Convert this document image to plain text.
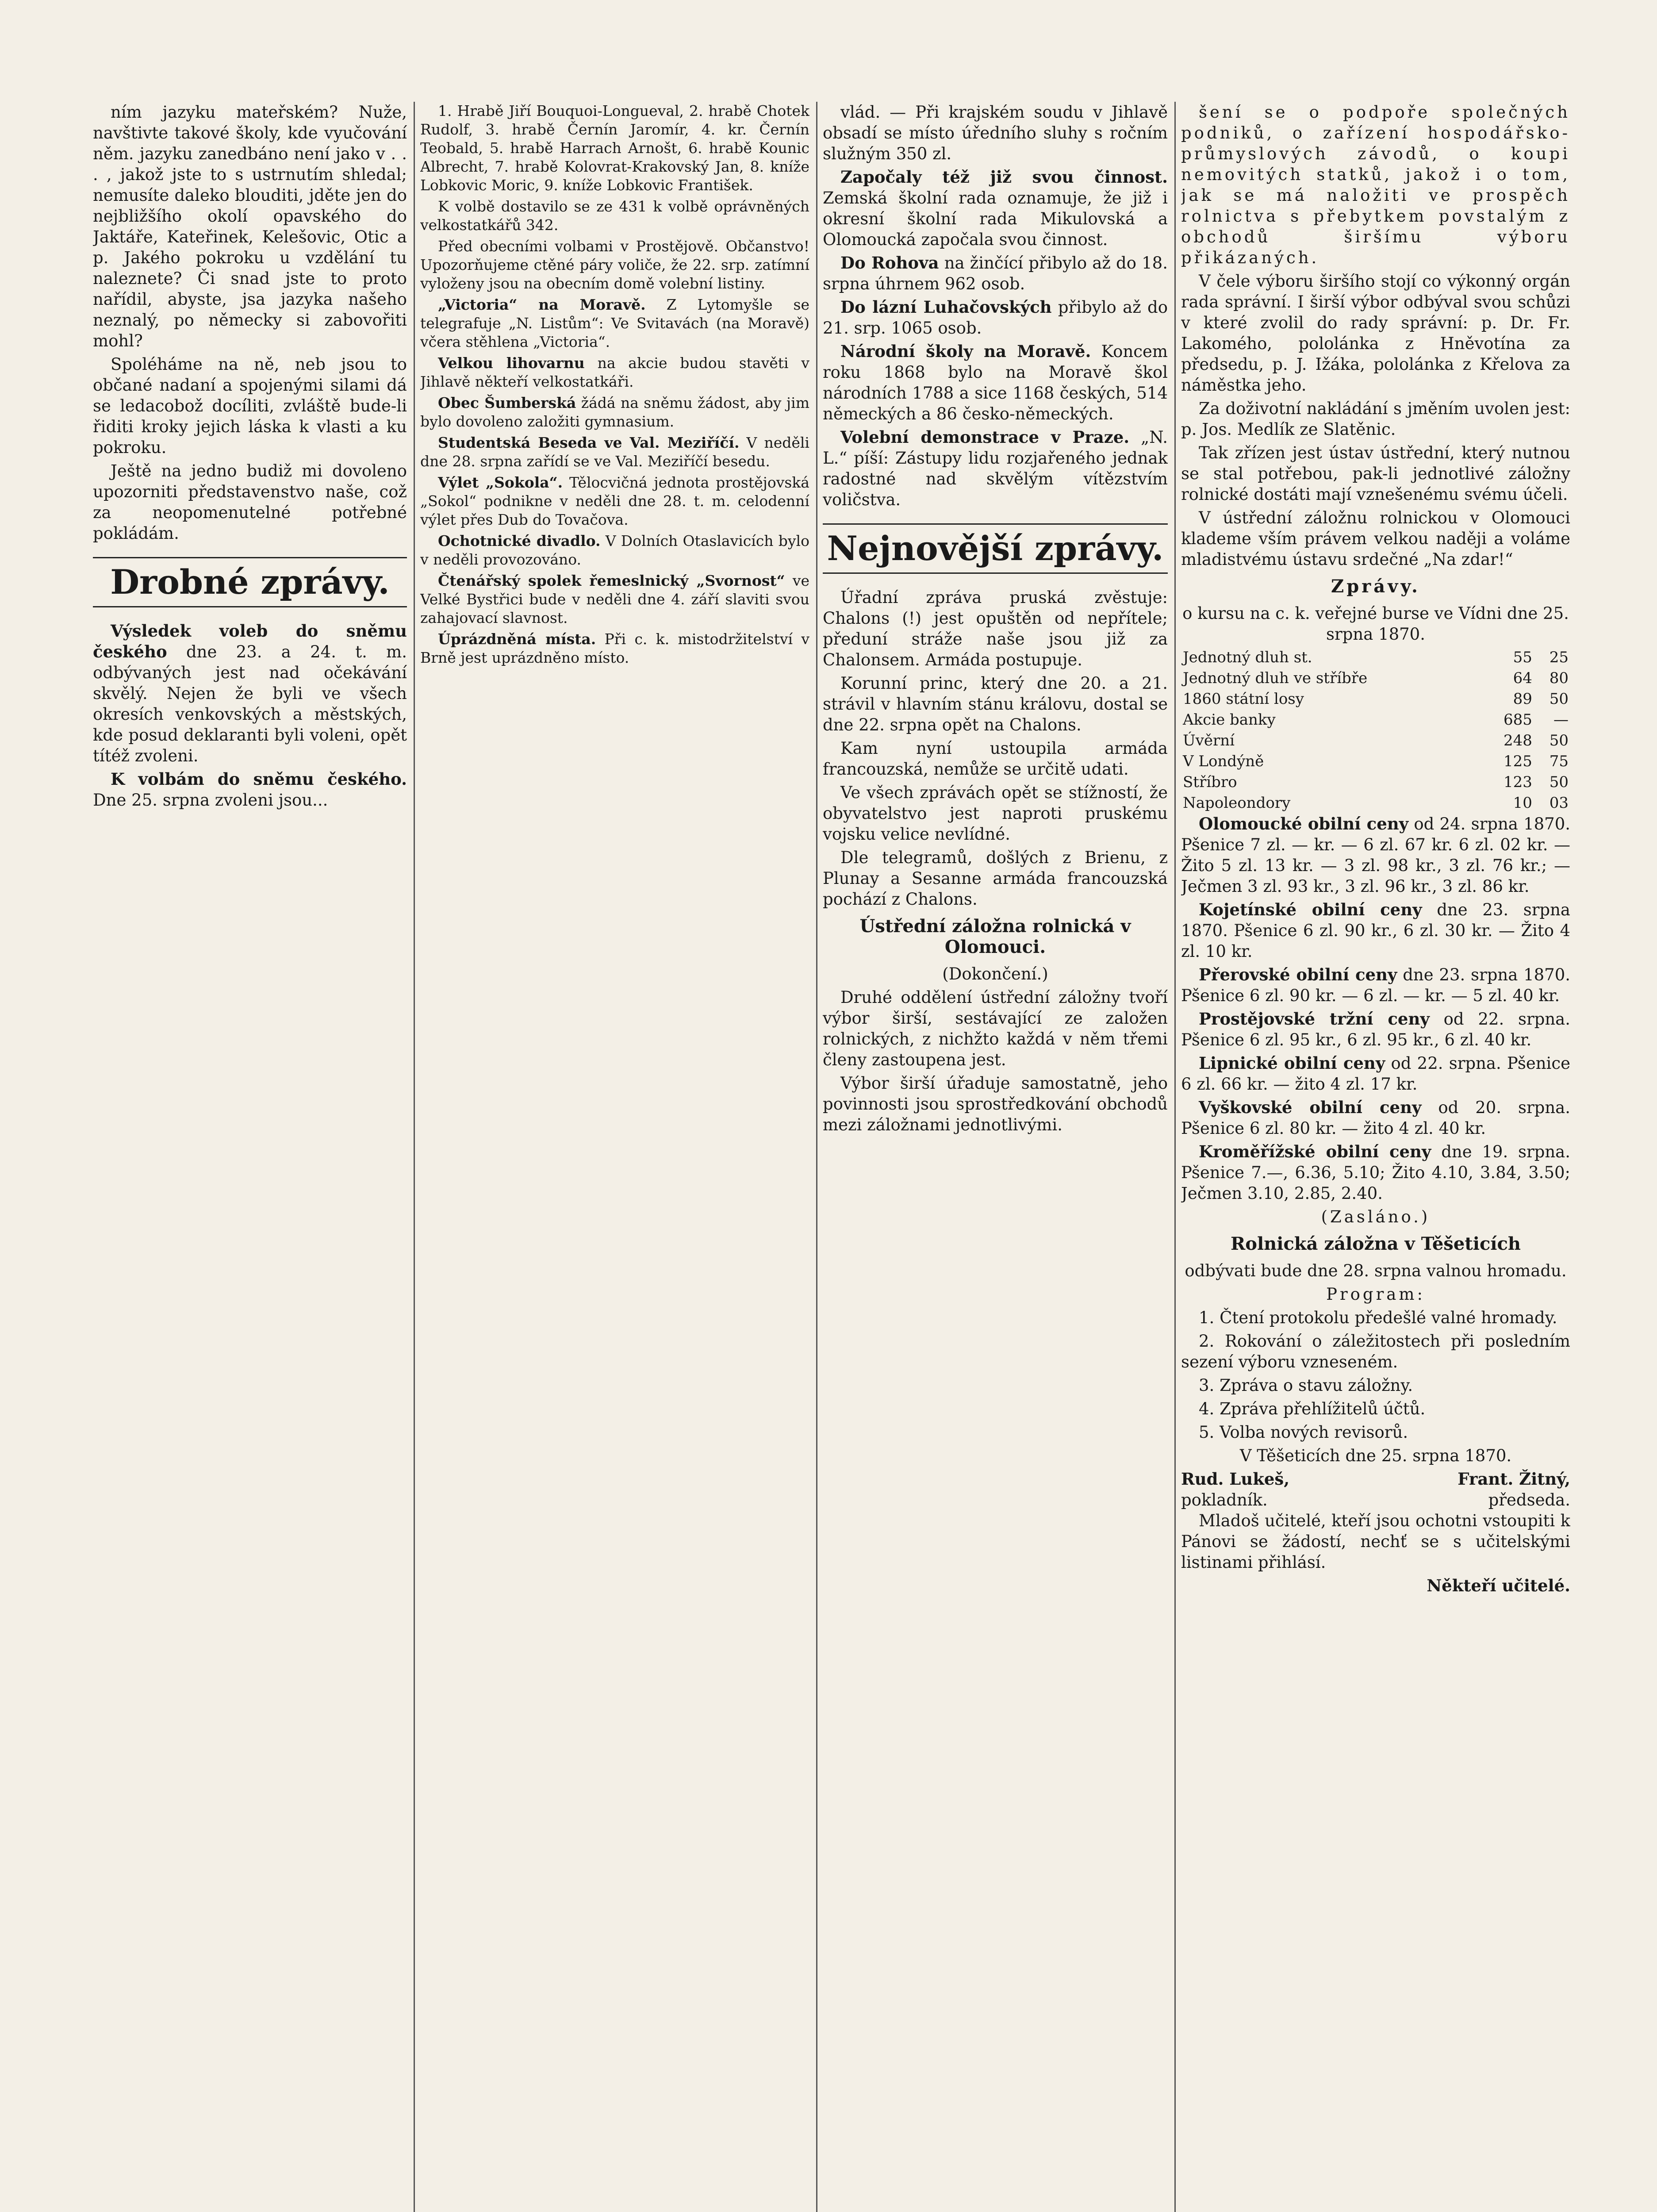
ním jazyku mateřském? Nuže, navštivte takové školy, kde vyučování něm. jazyku zanedbáno není jako v . . . , jakož jste to s ustrnutím shledal; nemusíte daleko blouditi, jděte jen do nejbližšího okolí opavského do Jaktáře, Kateřinek, Kelešovic, Otic a p. Jakého pokroku u vzdělání tu naleznete? Či snad jste to proto nařídil, abyste, jsa jazyka našeho neznalý, po německy si zabovořiti mohl?

Spoléháme na ně, neb jsou to občané nadaní a spojenými silami dá se ledacobož docíliti, zvláště bude-li řiditi kroky jejich láska k vlasti a ku pokroku.

Ještě na jedno budiž mi dovoleno upozorniti představenstvo naše, což za neopomenutelné potřebné pokládám.

Drobné zprávy.

Výsledek voleb do sněmu českého dne 23. a 24. t. m. odbývaných jest nad očekávání skvělý. Nejen že byli ve všech okresích venkovských a městských, kde posud deklaranti byli voleni, opět títéž zvoleni.

K volbám do sněmu českého. Dne 25. srpna zvoleni jsou...

1. Hrabě Jiří Bouquoi-Longueval, 2. hrabě Chotek Rudolf, 3. hrabě Černín Jaromír, 4. kr. Černín Teobald, 5. hrabě Harrach Arnošt, 6. hrabě Kounic Albrecht, 7. hrabě Kolovrat-Krakovský Jan, 8. kníže Lobkovic Moric, 9. kníže Lobkovic František.

K volbě dostavilo se ze 431 k volbě oprávněných velkostatkářů 342.

Před obecními volbami v Prostějově. Občanstvo! Upozorňujeme ctěné páry voliče, že 22. srp. zatímní vyloženy jsou na obecním domě volební listiny.

„Victoria“ na Moravě. Z Lytomyšle se telegrafuje „N. Listům“: Ve Svitavách (na Moravě) včera stěhlena „Victoria“.

Velkou lihovarnu na akcie budou stavěti v Jihlavě někteří velkostatkáři.

Obec Šumberská žádá na sněmu žádost, aby jim bylo dovoleno založiti gymnasium.

Studentská Beseda ve Val. Meziříčí. V neděli dne 28. srpna zařídí se ve Val. Meziříčí besedu.

Výlet „Sokola“. Tělocvičná jednota prostějovská „Sokol“ podnikne v neděli dne 28. t. m. celodenní výlet přes Dub do Tovačova.

Ochotnické divadlo. V Dolních Otaslavicích bylo v neděli provozováno.

Čtenářský spolek řemeslnický „Svornost“ ve Velké Bystřici bude v neděli dne 4. září slaviti svou zahajovací slavnost.

Úprázdněná místa. Při c. k. mistodržitelství v Brně jest uprázdněno místo.

vlád. — Při krajském soudu v Jihlavě obsadí se místo úředního sluhy s ročním služným 350 zl.

Započaly též již svou činnost. Zemská školní rada oznamuje, že již i okresní školní rada Mikulovská a Olomoucká započala svou činnost.

Do Rohova na žinčící přibylo až do 18. srpna úhrnem 962 osob.

Do lázní Luhačovských přibylo až do 21. srp. 1065 osob.

Národní školy na Moravě. Koncem roku 1868 bylo na Moravě škol národních 1788 a sice 1168 českých, 514 německých a 86 česko-německých.

Volební demonstrace v Praze. „N. L.“ píší: Zástupy lidu rozjařeného jednak radostné nad skvělým vítězstvím voličstva.

Nejnovější zprávy.

Úřadní zpráva pruská zvěstuje: Chalons (!) jest opuštěn od nepřítele; předuní stráže naše jsou již za Chalonsem. Armáda postupuje.

Korunní princ, který dne 20. a 21. strávil v hlavním stánu královu, dostal se dne 22. srpna opět na Chalons.

Kam nyní ustoupila armáda francouzská, nemůže se určitě udati.

Ve všech zprávách opět se stížností, že obyvatelstvo jest naproti pruskému vojsku velice nevlídné.

Dle telegramů, došlých z Brienu, z Plunay a Sesanne armáda francouzská pochází z Chalons.

Ústřední záložna rolnická v Olomouci.

(Dokončení.)

Druhé oddělení ústřední záložny tvoří výbor širší, sestávající ze založen rolnických, z nichžto každá v něm třemi členy zastoupena jest.

Výbor širší úřaduje samostatně, jeho povinnosti jsou sprostředkování obchodů mezi záložnami jednotlivými.

šení se o podpoře společných podniků, o zařízení hospodářsko-průmyslových závodů, o koupi nemovitých statků, jakož i o tom, jak se má naložiti ve prospěch rolnictva s přebytkem povstalým z obchodů širšímu výboru přikázaných.

V čele výboru širšího stojí co výkonný orgán rada správní. I širší výbor odbýval svou schůzi v které zvolil do rady správní: p. Dr. Fr. Lakomého, pololánka z Hněvotína za předsedu, p. J. Ižáka, pololánka z Křelova za náměstka jeho.

Za doživotní nakládání s jměním uvolen jest: p. Jos. Medlík ze Slatěnic.

Tak zřízen jest ústav ústřední, který nutnou se stal potřebou, pak-li jednotlivé záložny rolnické dostáti mají vznešenému svému účeli.

V ústřední záložnu rolnickou v Olomouci klademe vším právem velkou naději a voláme mladistvému ústavu srdečné „Na zdar!“

Zprávy.

o kursu na c. k. veřejné burse ve Vídni dne 25. srpna 1870.

Jednotný dluh st.	55	25
Jednotný dluh ve stříbře	64	80
1860 státní losy	89	50
Akcie banky	685	—
Úvěrní	248	50
V Londýně	125	75
Stříbro	123	50
Napoleondory	10	03

Olomoucké obilní ceny od 24. srpna 1870. Pšenice 7 zl. — kr. — 6 zl. 67 kr. 6 zl. 02 kr. — Žito 5 zl. 13 kr. — 3 zl. 98 kr., 3 zl. 76 kr.; — Ječmen 3 zl. 93 kr., 3 zl. 96 kr., 3 zl. 86 kr.

Kojetínské obilní ceny dne 23. srpna 1870. Pšenice 6 zl. 90 kr., 6 zl. 30 kr. — Žito 4 zl. 10 kr.

Přerovské obilní ceny dne 23. srpna 1870. Pšenice 6 zl. 90 kr. — 6 zl. — kr. — 5 zl. 40 kr.

Prostějovské tržní ceny od 22. srpna. Pšenice 6 zl. 95 kr., 6 zl. 95 kr., 6 zl. 40 kr.

Lipnické obilní ceny od 22. srpna. Pšenice 6 zl. 66 kr. — žito 4 zl. 17 kr.

Vyškovské obilní ceny od 20. srpna. Pšenice 6 zl. 80 kr. — žito 4 zl. 40 kr.

Kroměřížské obilní ceny dne 19. srpna. Pšenice 7.—, 6.36, 5.10; Žito 4.10, 3.84, 3.50; Ječmen 3.10, 2.85, 2.40.

(Zasláno.)

Rolnická záložna v Těšeticích

odbývati bude dne 28. srpna valnou hromadu.

Program:

1. Čtení protokolu předešlé valné hromady.

2. Rokování o záležitostech při posledním sezení výboru vzneseném.

3. Zpráva o stavu záložny.

4. Zpráva přehlížitelů účtů.

5. Volba nových revisorů.

V Těšeticích dne 25. srpna 1870.

Rud. Lukeš,	Frant. Žitný,
pokladník.	předseda.

Mladoš učitelé, kteří jsou ochotni vstoupiti k Pánovi se žádostí, nechť se s učitelskými listinami přihlásí.

Někteří učitelé.
